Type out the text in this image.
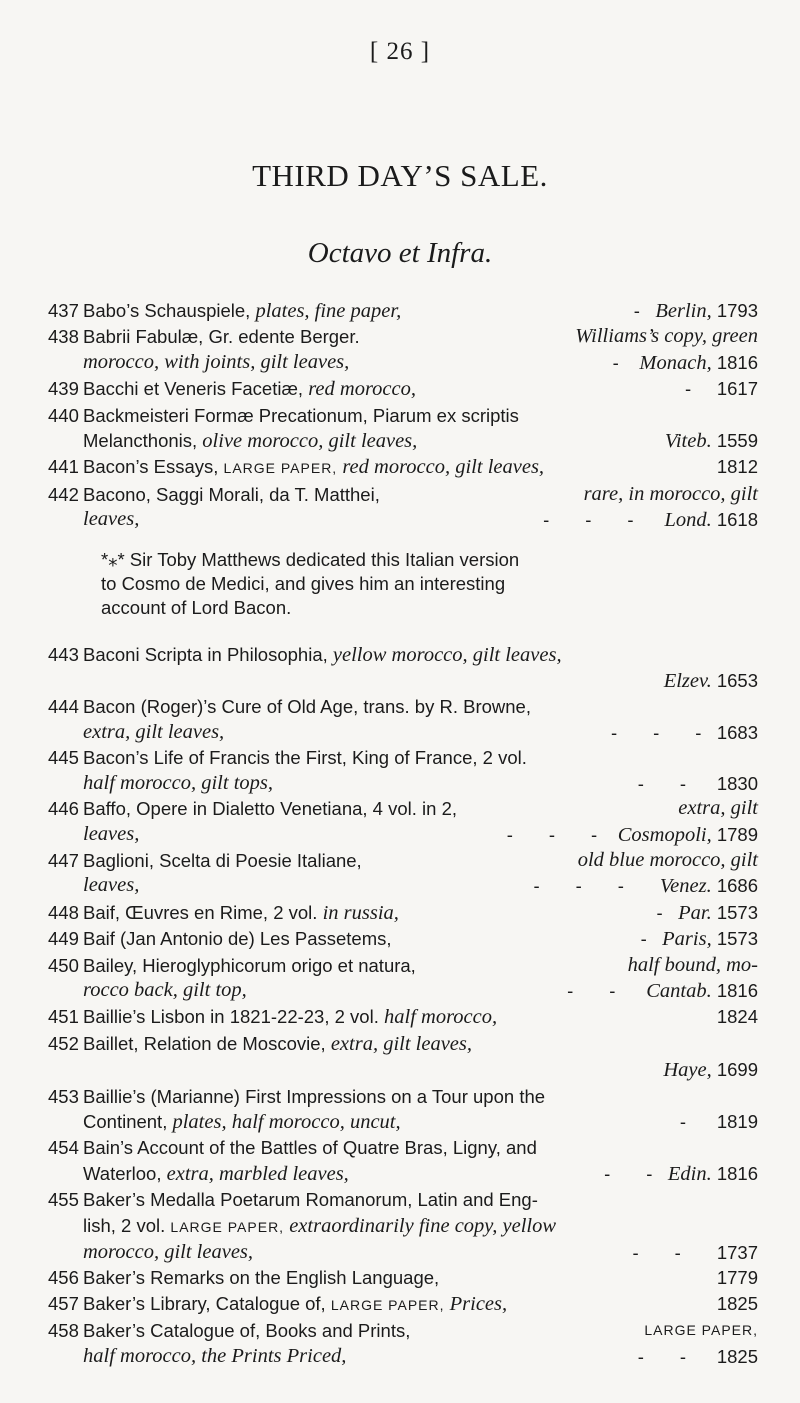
[ 26 ]
THIRD DAY’S SALE.
Octavo et Infra.
437 Babo’s Schauspiele, plates, fine paper,	- Berlin, 1793
438 Babrii Fabulæ, Gr. edente Berger.	Williams’s copy, green
morocco, with joints, gilt leaves,	- Monach, 1816
439 Bacchi et Veneris Facetiæ, red morocco,	- 1617
440 Backmeisteri Formæ Precationum, Piarum ex scriptis
Melancthonis, olive morocco, gilt leaves,	Viteb. 1559
441 Bacon’s Essays, LARGE PAPER, red morocco, gilt leaves,	1812
442 Bacono, Saggi Morali, da T. Matthei,	rare, in morocco, gilt
leaves,	-       -       - Lond. 1618
*⁎* Sir Toby Matthews dedicated this Italian version
to Cosmo de Medici, and gives him an interesting
account of Lord Bacon.
443 Baconi Scripta in Philosophia, yellow morocco, gilt leaves,
Elzev. 1653
444 Bacon (Roger)’s Cure of Old Age, trans. by R. Browne,
extra, gilt leaves,	-       -       - 1683
445 Bacon’s Life of Francis the First, King of France, 2 vol.
half morocco, gilt tops,	-       - 1830
446 Baffo, Opere in Dialetto Venetiana, 4 vol. in 2,	extra, gilt
leaves,	-       -       - Cosmopoli, 1789
447 Baglioni, Scelta di Poesie Italiane,	old blue morocco, gilt
leaves,	-       -       - Venez. 1686
448 Baif, Œuvres en Rime, 2 vol. in russia,	- Par. 1573
449 Baif (Jan Antonio de) Les Passetems,	- Paris, 1573
450 Bailey, Hieroglyphicorum origo et natura,	half bound, mo-
rocco back, gilt top,	-       - Cantab. 1816
451 Baillie’s Lisbon in 1821-22-23, 2 vol. half morocco,	1824
452 Baillet, Relation de Moscovie, extra, gilt leaves,
Haye, 1699
453 Baillie’s (Marianne) First Impressions on a Tour upon the
Continent, plates, half morocco, uncut,	- 1819
454 Bain’s Account of the Battles of Quatre Bras, Ligny, and
Waterloo, extra, marbled leaves,	-       - Edin. 1816
455 Baker’s Medalla Poetarum Romanorum, Latin and Eng-
lish, 2 vol. LARGE PAPER, extraordinarily fine copy, yellow
morocco, gilt leaves,	-       - 1737
456 Baker’s Remarks on the English Language,	1779
457 Baker’s Library, Catalogue of, LARGE PAPER, Prices,	1825
458 Baker’s Catalogue of, Books and Prints,	LARGE PAPER,
half morocco, the Prints Priced,	-       - 1825
